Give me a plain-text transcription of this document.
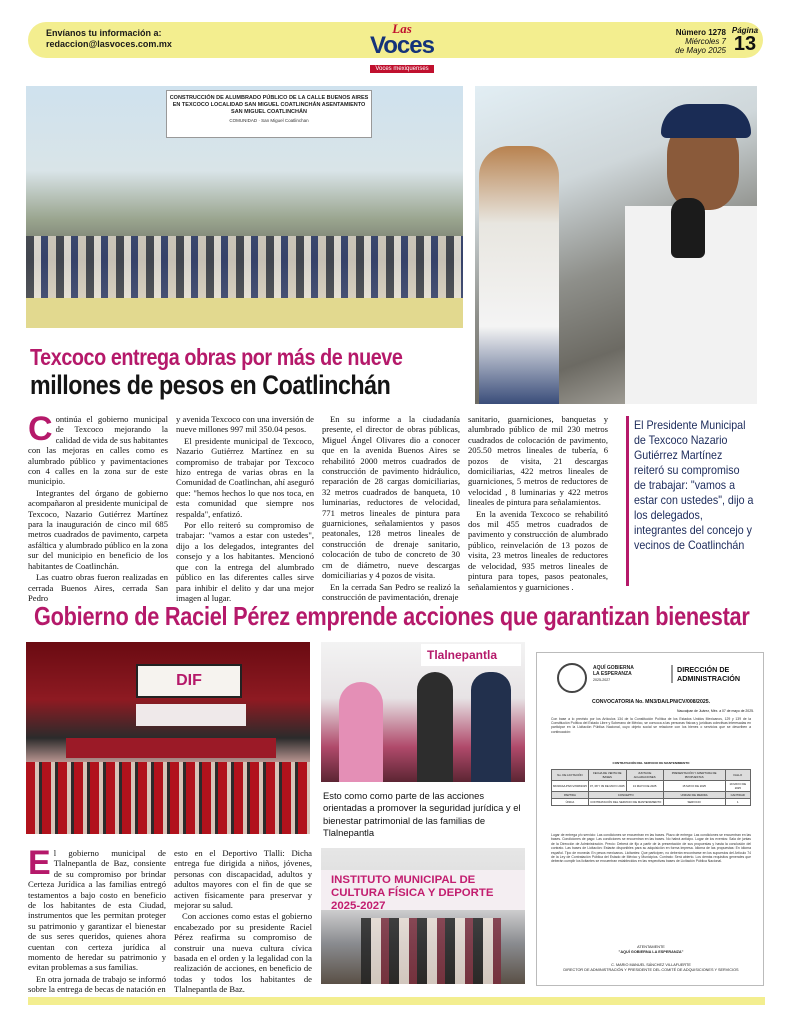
Envíanos tu información a:
redaccion@lasvoces.com.mx
Las
Voces
Voces mexiquenses
Número 1278
Miércoles 7
de Mayo 2025
Página
13
CONSTRUCCIÓN DE ALUMBRADO PÚBLICO DE LA CALLE BUENOS AIRES EN TEXCOCO LOCALIDAD SAN MIGUEL COATLINCHÁN ASENTAMIENTO SAN MIGUEL COATLINCHÁN
COMUNIDAD · San Miguel Coatlinchan
Texcoco entrega obras por más de nueve
millones de pesos en Coatlinchán
C ontinúa el gobierno municipal de Texcoco mejorando la calidad de vida de sus habitantes con las mejoras en calles como es alumbrado público y pavimentaciones con 4 calles en la zona sur de este municipio.

Integrantes del órgano de gobierno acompañaron al presidente municipal de Texcoco, Nazario Gutiérrez Martínez para la inauguración de cinco mil 685 metros cuadrados de pavimento, carpeta asfáltica y alumbrado público en la zona sur del municipio en beneficio de los habitantes de Coatlinchán.

Las cuatro obras fueron realizadas en cerrada Buenos Aires, cerrada San Pedro

y avenida Texcoco con una inversión de nueve millones 997 mil 350.04 pesos.

El presidente municipal de Texcoco, Nazario Gutiérrez Martínez en su compromiso de trabajar por Texcoco hizo entrega de varias obras en la Comunidad de Coatlinchan, ahí aseguró que: "hemos hechos lo que nos toca, en esta comunidad que siempre nos respalda", enfatizó.

Por ello reiteró su compromiso de trabajar: "vamos a estar con ustedes", dijo a los delegados, integrantes del consejo y a los habitantes. Mencionó que con la entrega del alumbrado público en las diferentes calles sirve para inhibir el delito y dar una mejor imagen al lugar.

En su informe a la ciudadanía presente, el director de obras públicas, Miguel Ángel Olivares dio a conocer que en la avenida Buenos Aires se rehabilitó 2000 metros cuadrados de construcción de pavimento hidráulico, reparación de 28 cargas domiciliarias, 32 metros cuadrados de banqueta, 10 luminarias, reductores de velocidad, 771 metros lineales de pintura para guarniciones, señalamientos y pasos peatonales, 128 metros lineales de construcción de drenaje sanitario, colocación de tubo de concreto de 30 cm de diámetro, nueve descargas domiciliarias y 4 pozos de visita.

En la cerrada San Pedro se realizó la construcción de pavimentación, drenaje

sanitario, guarniciones, banquetas y alumbrado público de mil 230 metros cuadrados de colocación de pavimento, 205.50 metros lineales de tubería, 6 pozos de visita, 21 descargas domiciliarias, 422 metros lineales de guarniciones, 5 metros de reductores de velocidad , 8 luminarias y 422 metros lineales de pintura para señalamientos.

En la avenida Texcoco se rehabilitó dos mil 455 metros cuadrados de pavimento y construcción de alumbrado público, reinvelación de 13 pozos de visita, 23 metros lineales de reductores de velocidad, 935 metros lineales de pintura para topes, pasos peatonales, señalamientos y guarniciones .

El Presidente Municipal de Texcoco Nazario Gutiérrez Martínez reiteró su compromiso de trabajar: "vamos a estar con ustedes", dijo a los delegados, integrantes del concejo y vecinos de Coatlinchán
Gobierno de Raciel Pérez emprende acciones que garantizan bienestar
DIF
Tlalnepantla
Esto como como parte de las acciones orientadas a promover la seguridad jurídica y el bienestar patrimonial de las familias de Tlalnepantla
INSTITUTO MUNICIPAL DE CULTURA FÍSICA Y DEPORTE 2025-2027
E l gobierno municipal de Tlalnepantla de Baz, consiente de su compromiso por brindar Certeza Jurídica a las familias entregó testamentos a bajo costo en beneficio de los habitantes de esta Ciudad, instrumentos que les permitan proteger su patrimonio y garantizar el bienestar de sus seres queridos, quienes ahora cuentan con certeza jurídica al momento de heredar su patrimonio y evitan problemas a sus familias.

En otra jornada de trabajo se informó sobre la entrega de becas de natación en

esto en el Deportivo Tlalli: Dicha entrega fue dirigida a niños, jóvenes, personas con discapacidad, adultos y adultos mayores con el fin de que se activen físicamente para preservar y mejorar su salud.

Con acciones como estas el gobierno encabezado por su presidente Raciel Pérez reafirma su compromiso de construir una nueva cultura cívica basada en el orden y la legalidad con la realización de acciones, en beneficio de todas y todos los habitantes de Tlalnepantla de Baz.

AQUÍ GOBIERNA
LA ESPERANZA
2025-2027
DIRECCIÓN DE
ADMINISTRACIÓN
CONVOCATORIA No. MN3/DA/LPN/CV/008/2025.
Naucalpan de Juárez, Méx. a 07 de mayo de 2025.
Con base a lo previsto por los Artículos 134 de la Constitución Política de los Estados Unidos Mexicanos, 129 y 139 de la Constitución Política del Estado Libre y Soberano de México, se convoca a las personas físicas y jurídicas colectivas interesadas en participar en la Licitación Pública Nacional, cuyo objeto social se relacione con los bienes o servicios que se describen a continuación:
CONTRATACIÓN DEL SERVICIO DE MANTENIMIENTO
No. DE LICITACIÓN	FECHA DE VENTA DE BASES	JUNTA DE ACLARACIONES	PRESENTACIÓN Y APERTURA DE PROPUESTAS	FALLO
MN3/DA/LPN/CV/008/2025	07, 08 Y 09 DE MAYO 2025	13 MAYO DE 2025	15 MAYO DE 2025	19 MAYO DE 2025
PARTIDA	CONCEPTO		UNIDAD DE MEDIDA	CANTIDAD
ÚNICA	CONTRATACIÓN DEL SERVICIO DE MANTENIMIENTO		SERVICIO	1
Lugar de entrega y/o servicio: Las condiciones se encuentran en las bases. Plazo de entrega: Las condiciones se encuentran en las bases. Condiciones de pago: Las condiciones se encuentran en las bases. No habrá anticipo. Lugar de los eventos: Sala de juntas de la Dirección de Administración. Precio: Deberá de fijo a partir de la presentación de sus propuestas y hasta la conclusión del contrato. Las bases de Licitación: Estarán disponibles para su adquisición en forma impresa. Idioma de las propuestas: En idioma español. Tipo de moneda: En pesos mexicanos. Licitantes: Que participen, no deberán encontrarse en los supuestos del Artículo 74 de la Ley de Contratación Pública del Estado de México y Municipios. Contrato: Será abierto. Los demás requisitos generales que deberán cumplir los licitantes se encuentran establecidos en las respectivas bases de Licitación Pública Nacional.
ATENTAMENTE
"AQUÍ GOBIERNA LA ESPERANZA"
C. MARIO MANUEL SÁNCHEZ VILLAFUERTE
DIRECTOR DE ADMINISTRACIÓN Y PRESIDENTE DEL COMITÉ DE ADQUISICIONES Y SERVICIOS
